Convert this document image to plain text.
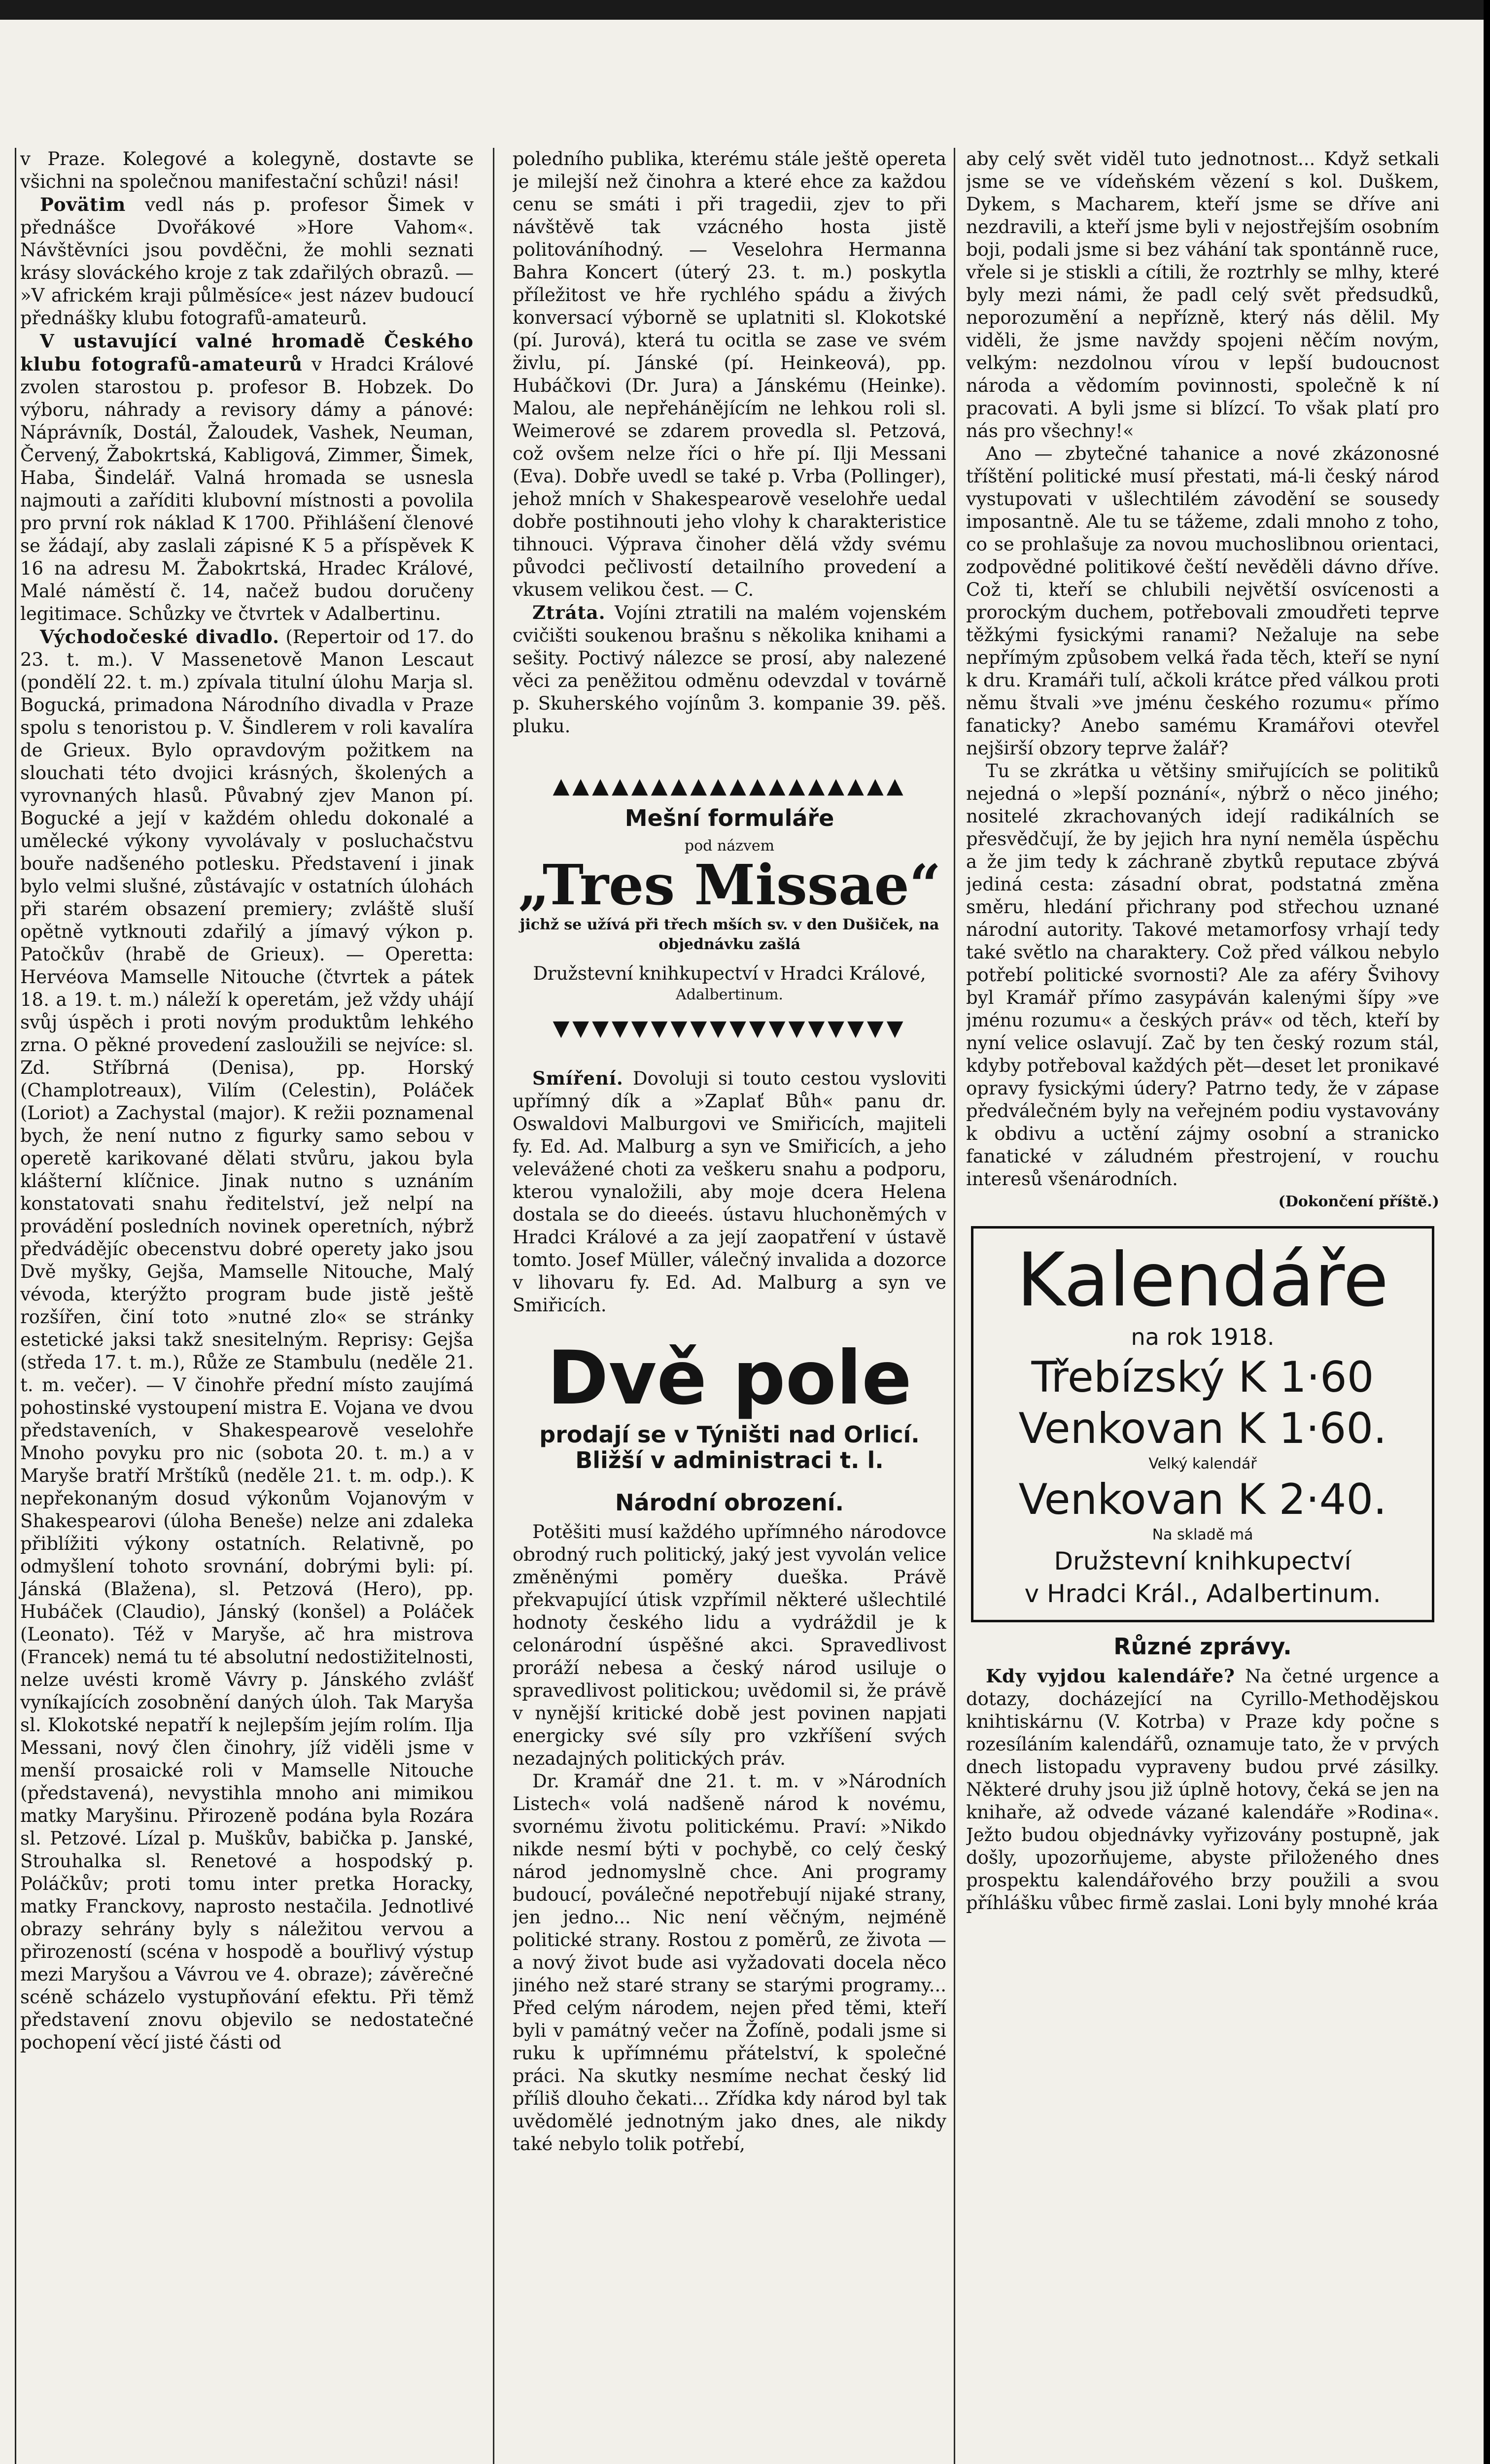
v Praze. Kolegové a kolegyně, dostavte se všichni na společnou manifestační schůzi! nási!

Povätim vedl nás p. profesor Šimek v přednášce Dvořákové »Hore Vahom«. Návštěvníci jsou povděčni, že mohli seznati krásy slováckého kroje z tak zdařilých obrazů. — »V africkém kraji půlměsíce« jest název budoucí přednášky klubu fotografů-amateurů.

V ustavující valné hromadě Českého klubu fotografů-amateurů v Hradci Králové zvolen starostou p. profesor B. Hobzek. Do výboru, náhrady a revisory dámy a pánové: Náprávník, Dostál, Žaloudek, Vashek, Neuman, Červený, Žabokrtská, Kabligová, Zimmer, Šimek, Haba, Šindelář. Valná hromada se usnesla najmouti a zaříditi klubovní místnosti a povolila pro první rok náklad K 1700. Přihlášení členové se žádají, aby zaslali zápisné K 5 a příspěvek K 16 na adresu M. Žabokrtská, Hradec Králové, Malé náměstí č. 14, načež budou doručeny legitimace. Schůzky ve čtvrtek v Adalbertinu.

Východočeské divadlo. (Repertoir od 17. do 23. t. m.). V Massenetově Manon Lescaut (pondělí 22. t. m.) zpívala titulní úlohu Marja sl. Bogucká, primadona Národního divadla v Praze spolu s tenoristou p. V. Šindlerem v roli kavalíra de Grieux. Bylo opravdovým požitkem na slouchati této dvojici krásných, školených a vyrovnaných hlasů. Půvabný zjev Manon pí. Bogucké a její v každém ohledu dokonalé a umělecké výkony vyvolávaly v posluchačstvu bouře nadšeného potlesku. Představení i jinak bylo velmi slušné, zůstávajíc v ostatních úlohách při starém obsazení premiery; zvláště sluší opětně vytknouti zdařilý a jímavý výkon p. Patočkův (hrabě de Grieux). — Operetta: Hervéova Mamselle Nitouche (čtvrtek a pátek 18. a 19. t. m.) náleží k operetám, jež vždy uhájí svůj úspěch i proti novým produktům lehkého zrna. O pěkné provedení zasloužili se nejvíce: sl. Zd. Stříbrná (Denisa), pp. Horský (Champlotreaux), Vilím (Celestin), Poláček (Loriot) a Zachystal (major). K režii poznamenal bych, že není nutno z figurky samo sebou v operetě karikované dělati stvůru, jakou byla klášterní klíčnice. Jinak nutno s uznáním konstatovati snahu ředitelství, jež nelpí na provádění posledních novinek operetních, nýbrž předvádějíc obecenstvu dobré operety jako jsou Dvě myšky, Gejša, Mamselle Nitouche, Malý vévoda, kterýžto program bude jistě ještě rozšířen, činí toto »nutné zlo« se stránky estetické jaksi takž snesitelným. Reprisy: Gejša (středa 17. t. m.), Růže ze Stambulu (neděle 21. t. m. večer). — V činohře přední místo zaujímá pohostinské vystoupení mistra E. Vojana ve dvou představeních, v Shakespearově veselohře Mnoho povyku pro nic (sobota 20. t. m.) a v Maryše bratří Mrštíků (neděle 21. t. m. odp.). K nepřekonaným dosud výkonům Vojanovým v Shakespearovi (úloha Beneše) nelze ani zdaleka přiblížiti výkony ostatních. Relativně, po odmyšlení tohoto srovnání, dobrými byli: pí. Jánská (Blažena), sl. Petzová (Hero), pp. Hubáček (Claudio), Jánský (konšel) a Poláček (Leonato). Též v Maryše, ač hra mistrova (Francek) nemá tu té absolutní nedostižitelnosti, nelze uvésti kromě Vávry p. Jánského zvlášť vyníkajících zosobnění daných úloh. Tak Maryša sl. Klokotské nepatří k nejlepším jejím rolím. Ilja Messani, nový člen činohry, jíž viděli jsme v menší prosaické roli v Mamselle Nitouche (představená), nevystihla mnoho ani mimikou matky Maryšinu. Přirozeně podána byla Rozára sl. Petzové. Lízal p. Muškův, babička p. Janské, Strouhalka sl. Renetové a hospodský p. Poláčkův; proti tomu inter pretka Horacky, matky Franckovy, naprosto nestačila. Jednotlivé obrazy sehrány byly s náležitou vervou a přirozeností (scéna v hospodě a bouřlivý výstup mezi Maryšou a Vávrou ve 4. obraze); závěrečné scéně scházelo vystupňování efektu. Při těmž představení znovu objevilo se nedostatečné pochopení věcí jisté části od

poledního publika, kterému stále ještě opereta je milejší než činohra a které ehce za každou cenu se smáti i při tragedii, zjev to při návštěvě tak vzácného hosta jistě politováníhodný. — Veselohra Hermanna Bahra Koncert (úterý 23. t. m.) poskytla příležitost ve hře rychlého spádu a živých konversací výborně se uplatniti sl. Klokotské (pí. Jurová), která tu ocitla se zase ve svém živlu, pí. Jánské (pí. Heinkeová), pp. Hubáčkovi (Dr. Jura) a Jánskému (Heinke). Malou, ale nepřehánějícím ne lehkou roli sl. Weimerové se zdarem provedla sl. Petzová, což ovšem nelze říci o hře pí. Ilji Messani (Eva). Dobře uvedl se také p. Vrba (Pollinger), jehož mních v Shakespearově veselohře uedal dobře postihnouti jeho vlohy k charakteristice tihnouci. Výprava činoher dělá vždy svému původci pečlivostí detailního provedení a vkusem velikou čest. — C.

Ztráta. Vojíni ztratili na malém vojenském cvičišti soukenou brašnu s několika knihami a sešity. Poctivý nálezce se prosí, aby nalezené věci za peněžitou odměnu odevzdal v továrně p. Skuherského vojínům 3. kompanie 39. pěš. pluku.

▲▲▲▲▲▲▲▲▲▲▲▲▲▲▲▲▲▲
Mešní formuláře
pod názvem
„Tres Missae“
jichž se užívá při třech mších sv. v den Dušiček, na objednávku zašlá
Družstevní knihkupectví v Hradci Králové,
Adalbertinum.
▼▼▼▼▼▼▼▼▼▼▼▼▼▼▼▼▼▼

Smíření. Dovoluji si touto cestou vysloviti upřímný dík a »Zaplať Bůh« panu dr. Oswaldovi Malburgovi ve Smiřicích, majiteli fy. Ed. Ad. Malburg a syn ve Smiřicích, a jeho velevážené choti za veškeru snahu a podporu, kterou vynaložili, aby moje dcera Helena dostala se do dieeés. ústavu hluchoněmých v Hradci Králové a za její zaopatření v ústavě tomto. Josef Müller, válečný invalida a dozorce v lihovaru fy. Ed. Ad. Malburg a syn ve Smiřicích.

Dvě pole
prodají se v Týništi nad Orlicí.
Bližší v administraci t. l.
Národní obrození.

Potěšiti musí každého upřímného národovce obrodný ruch politický, jaký jest vyvolán velice změněnými poměry dueška. Právě překvapující útisk vzpřímil některé ušlechtilé hodnoty českého lidu a vydráždil je k celonárodní úspěšné akci. Spravedlivost proráží nebesa a český národ usiluje o spravedlivost politickou; uvědomil si, že právě v nynější kritické době jest povinen napjati energicky své síly pro vzkříšení svých nezadajných politických práv.

Dr. Kramář dne 21. t. m. v »Národních Listech« volá nadšeně národ k novému, svornému životu politickému. Praví: »Nikdo nikde nesmí býti v pochybě, co celý český národ jednomyslně chce. Ani programy budoucí, poválečné nepotřebují nijaké strany, jen jedno... Nic není věčným, nejméně politické strany. Rostou z poměrů, ze života — a nový život bude asi vyžadovati docela něco jiného než staré strany se starými programy... Před celým národem, nejen před těmi, kteří byli v památný večer na Žofíně, podali jsme si ruku k upřímnému přátelství, k společné práci. Na skutky nesmíme nechat český lid příliš dlouho čekati... Zřídka kdy národ byl tak uvědomělé jednotným jako dnes, ale nikdy také nebylo tolik potřebí,

aby celý svět viděl tuto jednotnost... Když setkali jsme se ve vídeňském vězení s kol. Duškem, Dykem, s Macharem, kteří jsme se dříve ani nezdravili, a kteří jsme byli v nejostřejším osobním boji, podali jsme si bez váhání tak spontánně ruce, vřele si je stiskli a cítili, že roztrhly se mlhy, které byly mezi námi, že padl celý svět předsudků, neporozumění a nepřízně, který nás dělil. My viděli, že jsme navždy spojeni něčím novým, velkým: nezdolnou vírou v lepší budoucnost národa a vědomím povinnosti, společně k ní pracovati. A byli jsme si blízcí. To však platí pro nás pro všechny!«

Ano — zbytečné tahanice a nové zkázonosné tříštění politické musí přestati, má-li český národ vystupovati v ušlechtilém závodění se sousedy imposantně. Ale tu se tážeme, zdali mnoho z toho, co se prohlašuje za novou muchoslibnou orientaci, zodpovědné politikové čeští nevěděli dávno dříve. Což ti, kteří se chlubili největší osvícenosti a prorockým duchem, potřebovali zmoudřeti teprve těžkými fysickými ranami? Nežaluje na sebe nepřímým způsobem velká řada těch, kteří se nyní k dru. Kramáři tulí, ačkoli krátce před válkou proti němu štvali »ve jménu českého rozumu« přímo fanaticky? Anebo samému Kramářovi otevřel nejširší obzory teprve žalář?

Tu se zkrátka u většiny smiřujících se politiků nejedná o »lepší poznání«, nýbrž o něco jiného; nositelé zkrachovaných idejí radikálních se přesvědčují, že by jejich hra nyní neměla úspěchu a že jim tedy k záchraně zbytků reputace zbývá jediná cesta: zásadní obrat, podstatná změna směru, hledání přichrany pod střechou uznané národní autority. Takové metamorfosy vrhají tedy také světlo na charaktery. Což před válkou nebylo potřebí politické svornosti? Ale za aféry Švihovy byl Kramář přímo zasypáván kalenými šípy »ve jménu rozumu« a českých práv« od těch, kteří by nyní velice oslavují. Zač by ten český rozum stál, kdyby potřeboval každých pět—deset let pronikavé opravy fysickými údery? Patrno tedy, že v zápase předválečném byly na veřejném podiu vystavovány k obdivu a uctění zájmy osobní a stranicko fanatické v záludném přestrojení, v rouchu interesů všenárodních.

(Dokončení příště.)
Kalendáře
na rok 1918.
Třebízský K 1·60
Venkovan K 1·60.
Velký kalendář
Venkovan K 2·40.
Na skladě má
Družstevní knihkupectví
v Hradci Král., Adalbertinum.
Různé zprávy.

Kdy vyjdou kalendáře? Na četné urgence a dotazy, docházející na Cyrillo-Methodějskou knihtiskárnu (V. Kotrba) v Praze kdy počne s rozesíláním kalendářů, oznamuje tato, že v prvých dnech listopadu vypraveny budou prvé zásilky. Některé druhy jsou již úplně hotovy, čeká se jen na knihaře, až odvede vázané kalendáře »Rodina«. Ježto budou objednávky vyřizovány postupně, jak došly, upozorňujeme, abyste přiloženého dnes prospektu kalendářového brzy použili a svou příhlášku vůbec firmě zaslai. Loni byly mnohé kráa
